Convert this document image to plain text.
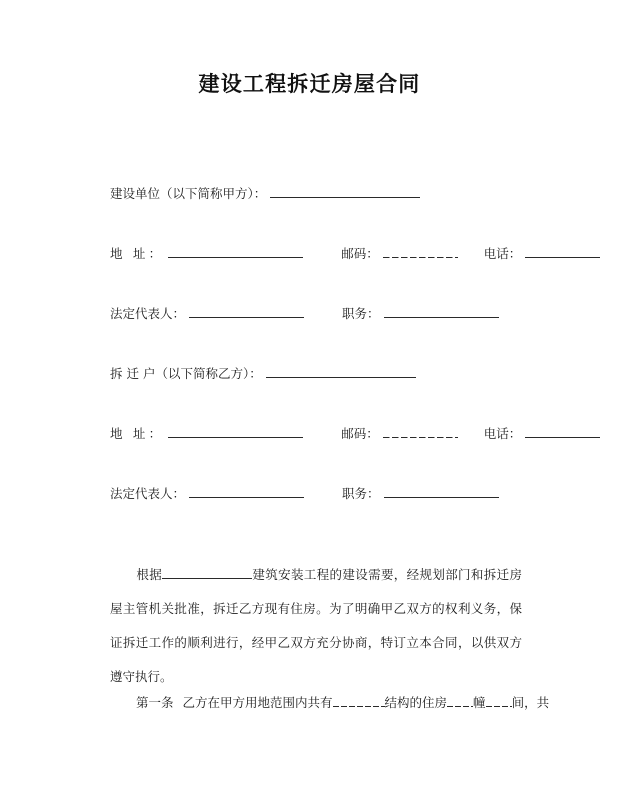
建设工程拆迁房屋合同
建设单位（以下简称甲方）：
地 址：	邮码：	电话：
法定代表人：	职务：
拆 迁 户（以下简称乙方）：
地 址：	邮码：	电话：
法定代表人：	职务：

根据	建筑安装工程的建设需要，经规划部门和拆迁房屋主管机关批准，拆迁乙方现有住房。为了明确甲乙双方的权利义务，保证拆迁工作的顺利进行，经甲乙双方充分协商，特订立本合同，以供双方遵守执行。

第一条 乙方在甲方用地范围内共有	结构的住房 幢 间，共
